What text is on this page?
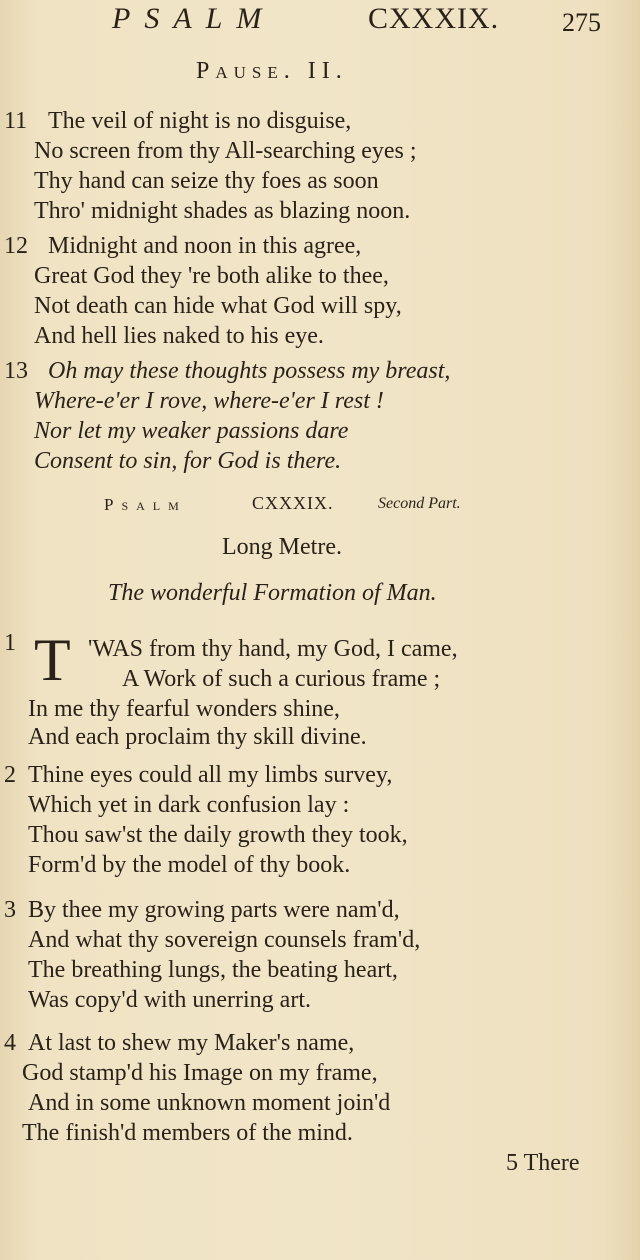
PSALM	CXXXIX. 275
Pause. II.
11 The veil of night is no disguise,
No screen from thy All-searching eyes ;
Thy hand can seize thy foes as soon
Thro' midnight shades as blazing noon.
12 Midnight and noon in this agree,
Great God they 're both alike to thee,
Not death can hide what God will spy,
And hell lies naked to his eye.
13 Oh may these thoughts possess my breast,
Where-e'er I rove, where-e'er I rest !
Nor let my weaker passions dare
Consent to sin, for God is there.
Psalm	CXXXIX.	Second Part.
Long Metre.
The wonderful Formation of Man.
1 T 'WAS from thy hand, my God, I came,
A Work of such a curious frame ;
In me thy fearful wonders shine,
And each proclaim thy skill divine.
2 Thine eyes could all my limbs survey,
Which yet in dark confusion lay :
Thou saw'st the daily growth they took,
Form'd by the model of thy book.
3 By thee my growing parts were nam'd,
And what thy sovereign counsels fram'd,
The breathing lungs, the beating heart,
Was copy'd with unerring art.
4 At last to shew my Maker's name,
God stamp'd his Image on my frame,
And in some unknown moment join'd
The finish'd members of the mind.
5 There
